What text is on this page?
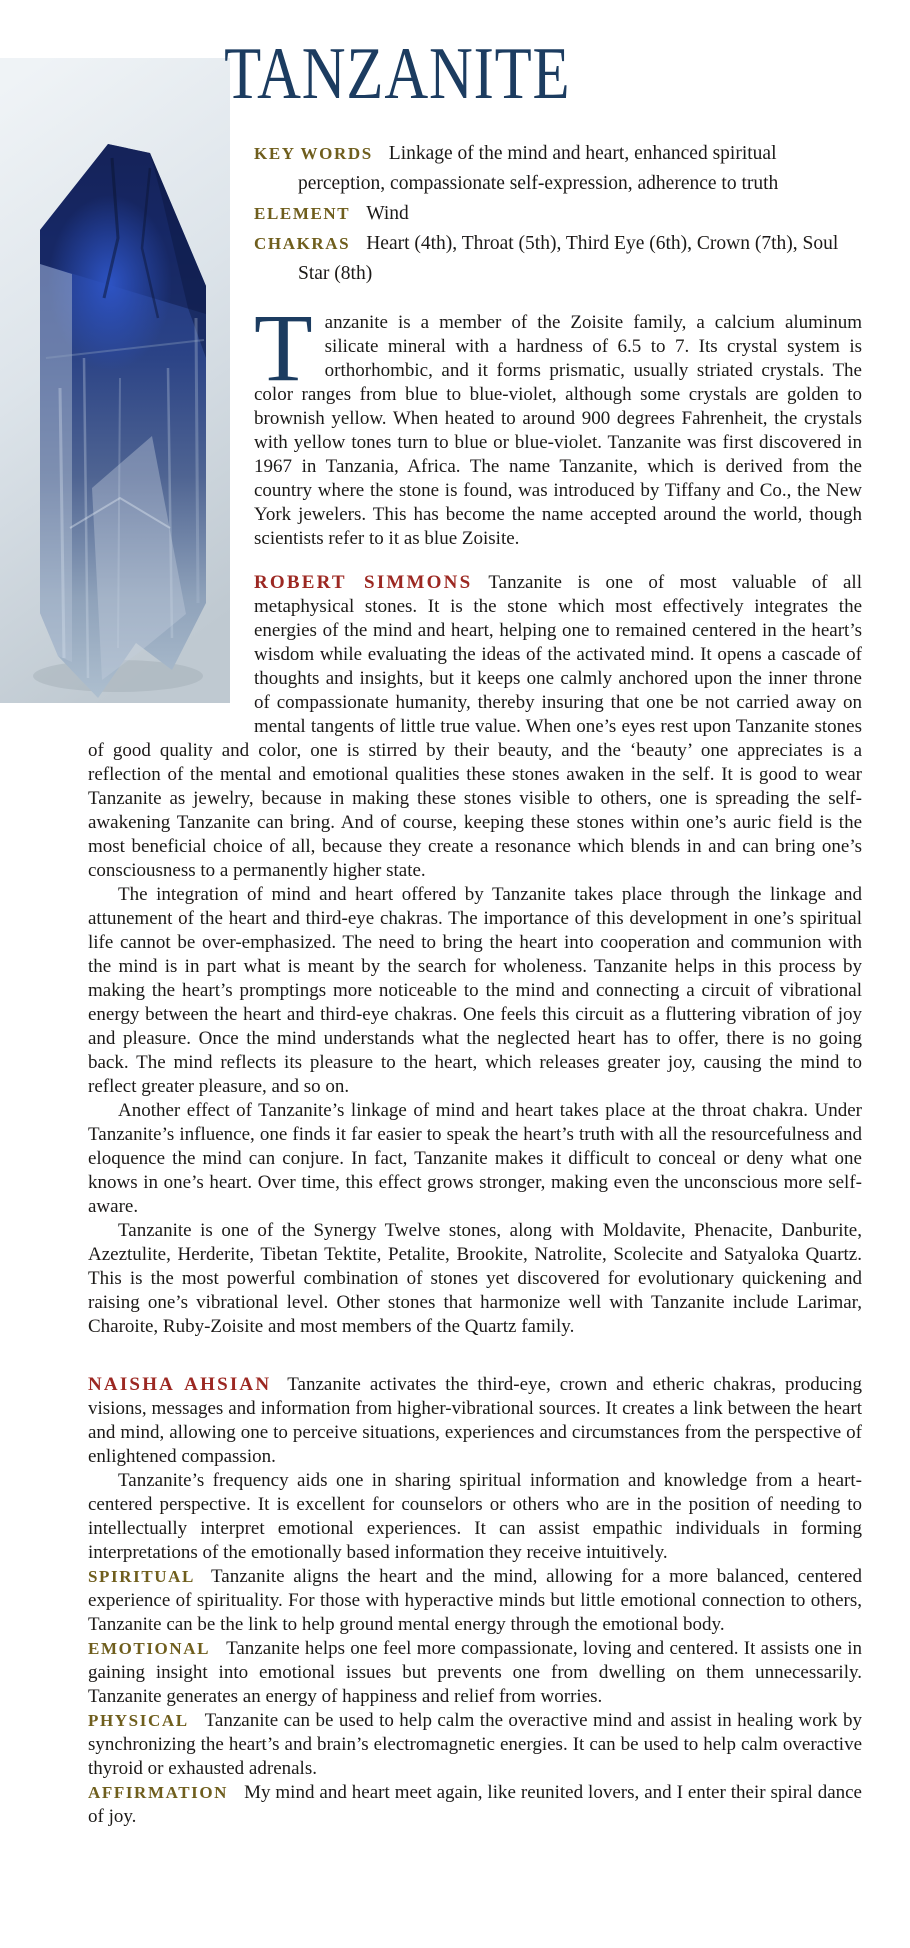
TANZANITE

KEY WORDS Linkage of the mind and heart, enhanced spiritual perception, compassionate self-expression, adherence to truth

ELEMENT Wind

CHAKRAS Heart (4th), Throat (5th), Third Eye (6th), Crown (7th), Soul Star (8th)

Tanzanite is a member of the Zoisite family, a calcium aluminum silicate mineral with a hardness of 6.5 to 7. Its crystal system is orthorhombic, and it forms prismatic, usually striated crystals. The color ranges from blue to blue-violet, although some crystals are golden to brownish yellow. When heated to around 900 degrees Fahrenheit, the crystals with yellow tones turn to blue or blue-violet. Tanzanite was first discovered in 1967 in Tanzania, Africa. The name Tanzanite, which is derived from the country where the stone is found, was introduced by Tiffany and Co., the New York jewelers. This has become the name accepted around the world, though scientists refer to it as blue Zoisite.

ROBERT SIMMONS Tanzanite is one of most valuable of all metaphysical stones. It is the stone which most effectively integrates the energies of the mind and heart, helping one to remained centered in the heart’s wisdom while evaluating the ideas of the activated mind. It opens a cascade of thoughts and insights, but it keeps one calmly anchored upon the inner throne of compassionate humanity, thereby insuring that one be not carried away on mental tangents of little true value. When one’s eyes rest upon Tanzanite stones of good quality and color, one is stirred by their beauty, and the ‘beauty’ one appreciates is a reflection of the mental and emotional qualities these stones awaken in the self. It is good to wear Tanzanite as jewelry, because in making these stones visible to others, one is spreading the self-awakening Tanzanite can bring. And of course, keeping these stones within one’s auric field is the most beneficial choice of all, because they create a resonance which blends in and can bring one’s consciousness to a permanently higher state.

The integration of mind and heart offered by Tanzanite takes place through the linkage and attunement of the heart and third-eye chakras. The importance of this development in one’s spiritual life cannot be over-emphasized. The need to bring the heart into cooperation and communion with the mind is in part what is meant by the search for wholeness. Tanzanite helps in this process by making the heart’s promptings more noticeable to the mind and connecting a circuit of vibrational energy between the heart and third-eye chakras. One feels this circuit as a fluttering vibration of joy and pleasure. Once the mind understands what the neglected heart has to offer, there is no going back. The mind reflects its pleasure to the heart, which releases greater joy, causing the mind to reflect greater pleasure, and so on.

Another effect of Tanzanite’s linkage of mind and heart takes place at the throat chakra. Under Tanzanite’s influence, one finds it far easier to speak the heart’s truth with all the resourcefulness and eloquence the mind can conjure. In fact, Tanzanite makes it difficult to conceal or deny what one knows in one’s heart. Over time, this effect grows stronger, making even the unconscious more self-aware.

Tanzanite is one of the Synergy Twelve stones, along with Moldavite, Phenacite, Danburite, Azeztulite, Herderite, Tibetan Tektite, Petalite, Brookite, Natrolite, Scolecite and Satyaloka Quartz. This is the most powerful combination of stones yet discovered for evolutionary quickening and raising one’s vibrational level. Other stones that harmonize well with Tanzanite include Larimar, Charoite, Ruby-Zoisite and most members of the Quartz family.

NAISHA AHSIAN Tanzanite activates the third-eye, crown and etheric chakras, producing visions, messages and information from higher-vibrational sources. It creates a link between the heart and mind, allowing one to perceive situations, experiences and circumstances from the perspective of enlightened compassion.

Tanzanite’s frequency aids one in sharing spiritual information and knowledge from a heart-centered perspective. It is excellent for counselors or others who are in the position of needing to intellectually interpret emotional experiences. It can assist empathic individuals in forming interpretations of the emotionally based information they receive intuitively.

SPIRITUAL Tanzanite aligns the heart and the mind, allowing for a more balanced, centered experience of spirituality. For those with hyperactive minds but little emotional connection to others, Tanzanite can be the link to help ground mental energy through the emotional body.

EMOTIONAL Tanzanite helps one feel more compassionate, loving and centered. It assists one in gaining insight into emotional issues but prevents one from dwelling on them unnecessarily. Tanzanite generates an energy of happiness and relief from worries.

PHYSICAL Tanzanite can be used to help calm the overactive mind and assist in healing work by synchronizing the heart’s and brain’s electromagnetic energies. It can be used to help calm overactive thyroid or exhausted adrenals.

AFFIRMATION My mind and heart meet again, like reunited lovers, and I enter their spiral dance of joy.
